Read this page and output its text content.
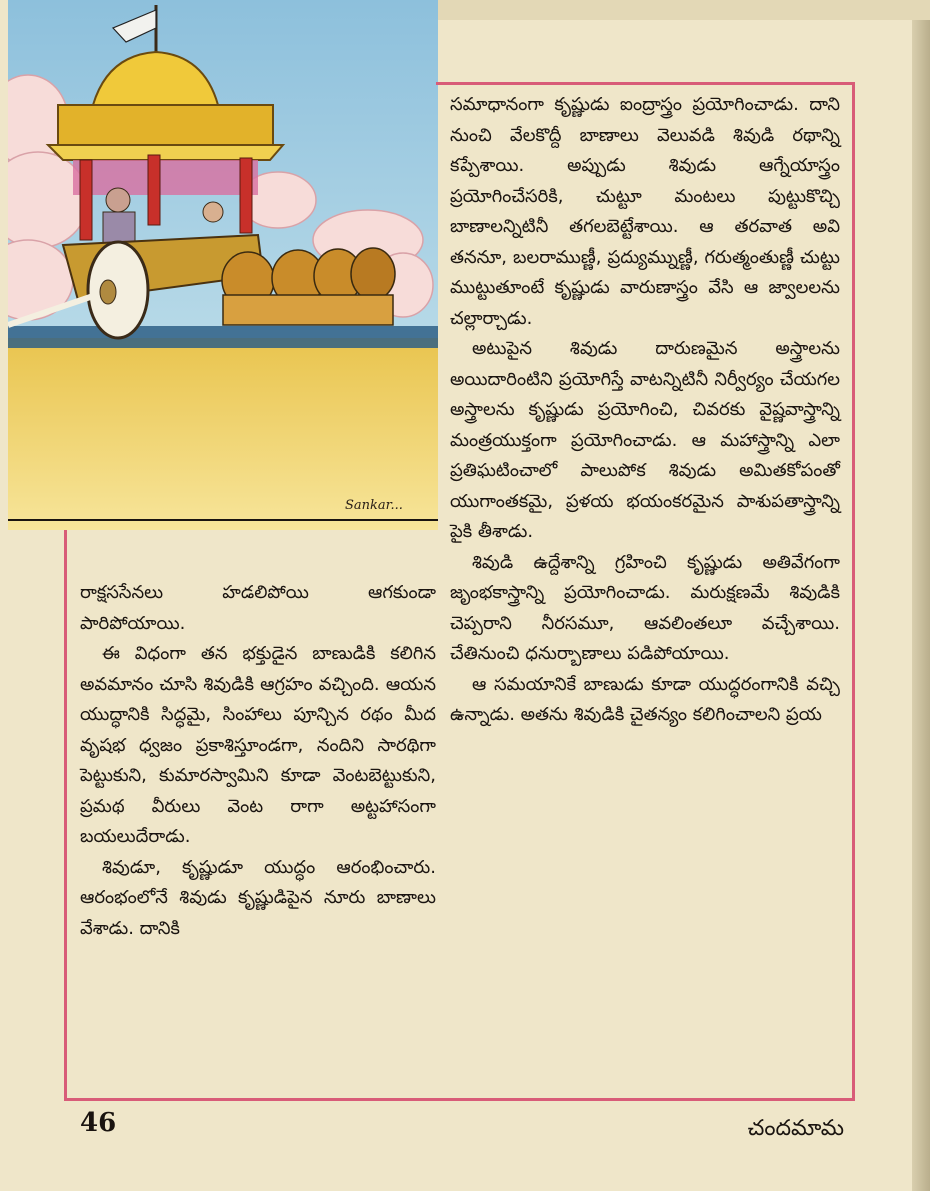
Sankar...

సమాధానంగా కృష్ణుడు ఐంద్రాస్త్రం ప్రయోగించాడు. దాని నుంచి వేలకొద్దీ బాణాలు వెలువడి శివుడి రథాన్ని కప్పేశాయి. అప్పుడు శివుడు ఆగ్నేయాస్త్రం ప్రయోగించేసరికి, చుట్టూ మంటలు పుట్టుకొచ్చి బాణాలన్నిటినీ తగలబెట్టేశాయి. ఆ తరవాత అవి తననూ, బలరాముణ్ణీ, ప్రద్యుమ్నుణ్ణీ, గరుత్మంతుణ్ణీ చుట్టు ముట్టుతూంటే కృష్ణుడు వారుణాస్త్రం వేసి ఆ జ్వాలలను చల్లార్చాడు.

అటుపైన శివుడు దారుణమైన అస్త్రాలను అయిదారింటిని ప్రయోగిస్తే వాటన్నిటినీ నిర్వీర్యం చేయగల అస్త్రాలను కృష్ణుడు ప్రయోగించి, చివరకు వైష్ణవాస్త్రాన్ని మంత్రయుక్తంగా ప్రయోగించాడు. ఆ మహాస్త్రాన్ని ఎలా ప్రతిఘటించాలో పాలుపోక శివుడు అమితకోపంతో యుగాంతకమై, ప్రళయ భయంకరమైన పాశుపతాస్త్రాన్ని పైకి తీశాడు.

శివుడి ఉద్దేశాన్ని గ్రహించి కృష్ణుడు అతివేగంగా జృంభకాస్త్రాన్ని ప్రయోగించాడు. మరుక్షణమే శివుడికి చెప్పరాని నీరసమూ, ఆవలింతలూ వచ్చేశాయి. చేతినుంచి ధనుర్బాణాలు పడిపోయాయి.

ఆ సమయానికే బాణుడు కూడా యుద్ధరంగానికి వచ్చి ఉన్నాడు. అతను శివుడికి చైతన్యం కలిగించాలని ప్రయ

రాక్షససేనలు హడలిపోయి ఆగకుండా పారిపోయాయి.

ఈ విధంగా తన భక్తుడైన బాణుడికి కలిగిన అవమానం చూసి శివుడికి ఆగ్రహం వచ్చింది. ఆయన యుద్ధానికి సిద్ధమై, సింహాలు పూన్చిన రథం మీద వృషభ ధ్వజం ప్రకాశిస్తూండగా, నందిని సారథిగా పెట్టుకుని, కుమారస్వామిని కూడా వెంటబెట్టుకుని, ప్రమథ వీరులు వెంట రాగా అట్టహాసంగా బయలుదేరాడు.

శివుడూ, కృష్ణుడూ యుద్ధం ఆరంభించారు. ఆరంభంలోనే శివుడు కృష్ణుడిపైన నూరు బాణాలు వేశాడు. దానికి

46	చందమామ
